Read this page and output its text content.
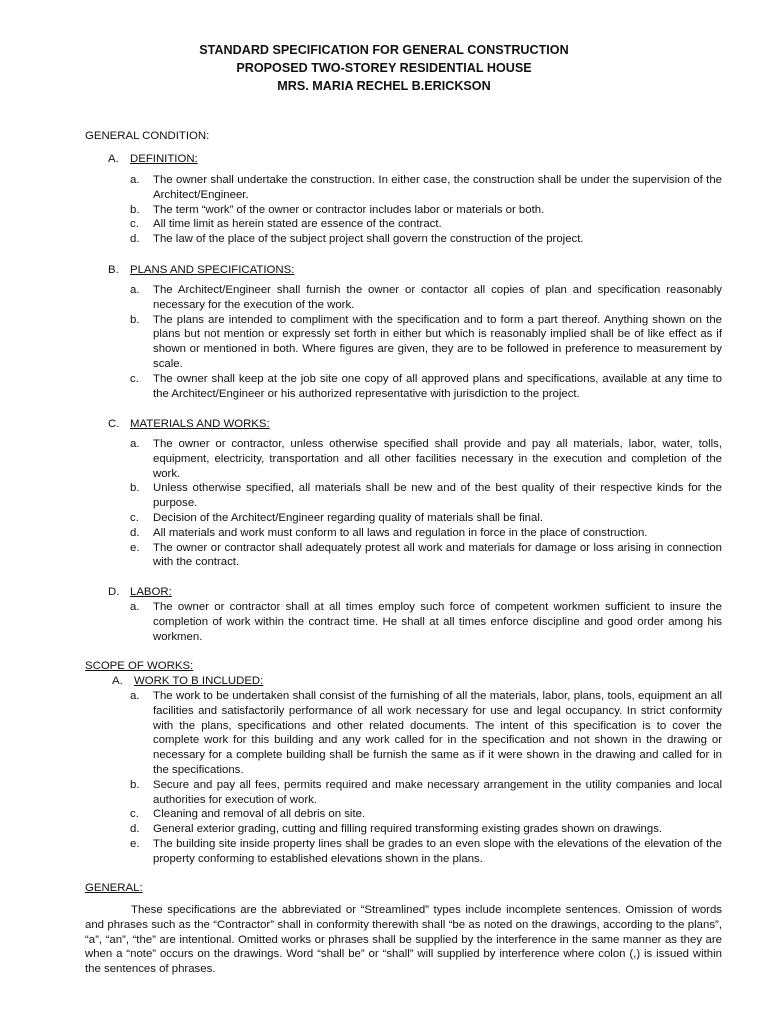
STANDARD SPECIFICATION FOR GENERAL CONSTRUCTION
PROPOSED TWO-STOREY RESIDENTIAL HOUSE
MRS. MARIA RECHEL B.ERICKSON
GENERAL CONDITION:
A. DEFINITION:
a. The owner shall undertake the construction. In either case, the construction shall be under the supervision of the Architect/Engineer.
b. The term “work” of the owner or contractor includes labor or materials or both.
c. All time limit as herein stated are essence of the contract.
d. The law of the place of the subject project shall govern the construction of the project.
B. PLANS AND SPECIFICATIONS:
a. The Architect/Engineer shall furnish the owner or contactor all copies of plan and specification reasonably necessary for the execution of the work.
b. The plans are intended to compliment with the specification and to form a part thereof. Anything shown on the plans but not mention or expressly set forth in either but which is reasonably implied shall be of like effect as if shown or mentioned in both. Where figures are given, they are to be followed in preference to measurement by scale.
c. The owner shall keep at the job site one copy of all approved plans and specifications, available at any time to the Architect/Engineer or his authorized representative with jurisdiction to the project.
C. MATERIALS AND WORKS:
a. The owner or contractor, unless otherwise specified shall provide and pay all materials, labor, water, tolls, equipment, electricity, transportation and all other facilities necessary in the execution and completion of the work.
b. Unless otherwise specified, all materials shall be new and of the best quality of their respective kinds for the purpose.
c. Decision of the Architect/Engineer regarding quality of materials shall be final.
d. All materials and work must conform to all laws and regulation in force in the place of construction.
e. The owner or contractor shall adequately protest all work and materials for damage or loss arising in connection with the contract.
D. LABOR:
a. The owner or contractor shall at all times employ such force of competent workmen sufficient to insure the completion of work within the contract time. He shall at all times enforce discipline and good order among his workmen.
SCOPE OF WORKS:
A. WORK TO B INCLUDED:
a. The work to be undertaken shall consist of the furnishing of all the materials, labor, plans, tools, equipment an all facilities and satisfactorily performance of all work necessary for use and legal occupancy. In strict conformity with the plans, specifications and other related documents. The intent of this specification is to cover the complete work for this building and any work called for in the specification and not shown in the drawing or necessary for a complete building shall be furnish the same as if it were shown in the drawing and called for in the specifications.
b. Secure and pay all fees, permits required and make necessary arrangement in the utility companies and local authorities for execution of work.
c. Cleaning and removal of all debris on site.
d. General exterior grading, cutting and filling required transforming existing grades shown on drawings.
e. The building site inside property lines shall be grades to an even slope with the elevations of the elevation of the property conforming to established elevations shown in the plans.
GENERAL:
These specifications are the abbreviated or “Streamlined” types include incomplete sentences. Omission of words and phrases such as the “Contractor” shall in conformity therewith shall “be as noted on the drawings, according to the plans”, “a”, “an”, “the” are intentional. Omitted works or phrases shall be supplied by the interference in the same manner as they are when a “note” occurs on the drawings. Word “shall be” or “shall” will supplied by interference where colon (,) is issued within the sentences of phrases.
